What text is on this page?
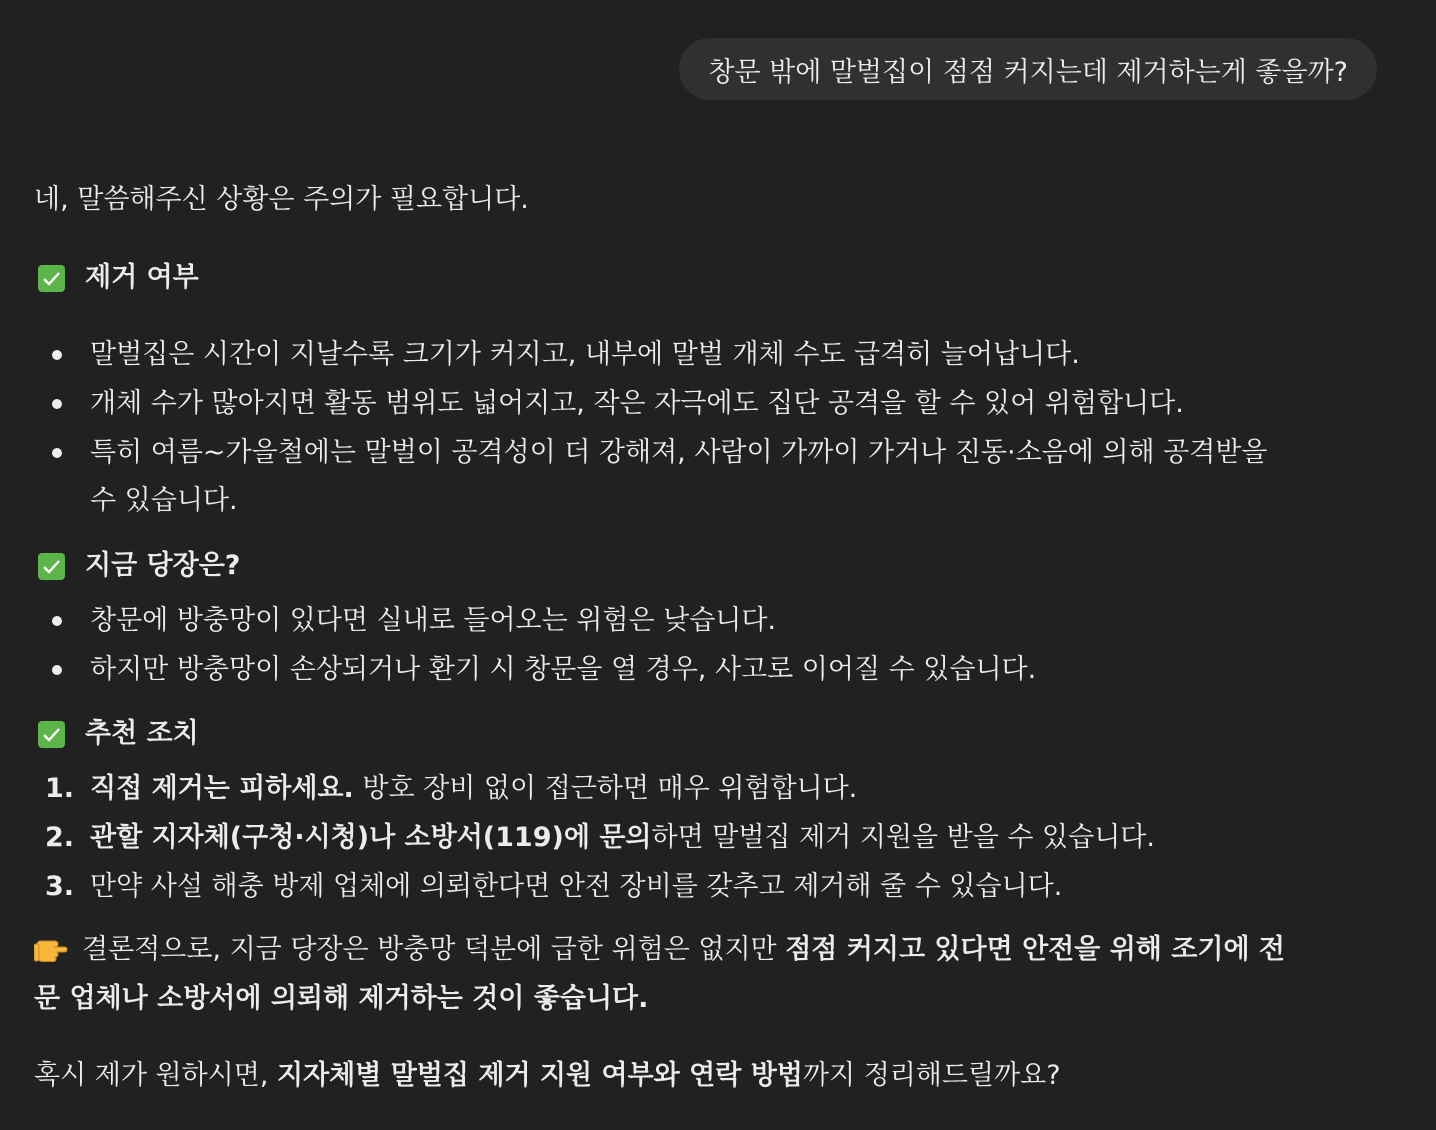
창문 밖에 말벌집이 점점 커지는데 제거하는게 좋을까?
네, 말씀해주신 상황은 주의가 필요합니다.
제거 여부
말벌집은 시간이 지날수록 크기가 커지고, 내부에 말벌 개체 수도 급격히 늘어납니다.
개체 수가 많아지면 활동 범위도 넓어지고, 작은 자극에도 집단 공격을 할 수 있어 위험합니다.
특히 여름~가을철에는 말벌이 공격성이 더 강해져, 사람이 가까이 가거나 진동·소음에 의해 공격받을
수 있습니다.
지금 당장은?
창문에 방충망이 있다면 실내로 들어오는 위험은 낮습니다.
하지만 방충망이 손상되거나 환기 시 창문을 열 경우, 사고로 이어질 수 있습니다.
추천 조치
1. 직접 제거는 피하세요. 방호 장비 없이 접근하면 매우 위험합니다.
2. 관할 지자체(구청·시청)나 소방서(119)에 문의하면 말벌집 제거 지원을 받을 수 있습니다.
3. 만약 사설 해충 방제 업체에 의뢰한다면 안전 장비를 갖추고 제거해 줄 수 있습니다.
결론적으로, 지금 당장은 방충망 덕분에 급한 위험은 없지만 점점 커지고 있다면 안전을 위해 조기에 전
문 업체나 소방서에 의뢰해 제거하는 것이 좋습니다.
혹시 제가 원하시면, 지자체별 말벌집 제거 지원 여부와 연락 방법까지 정리해드릴까요?
